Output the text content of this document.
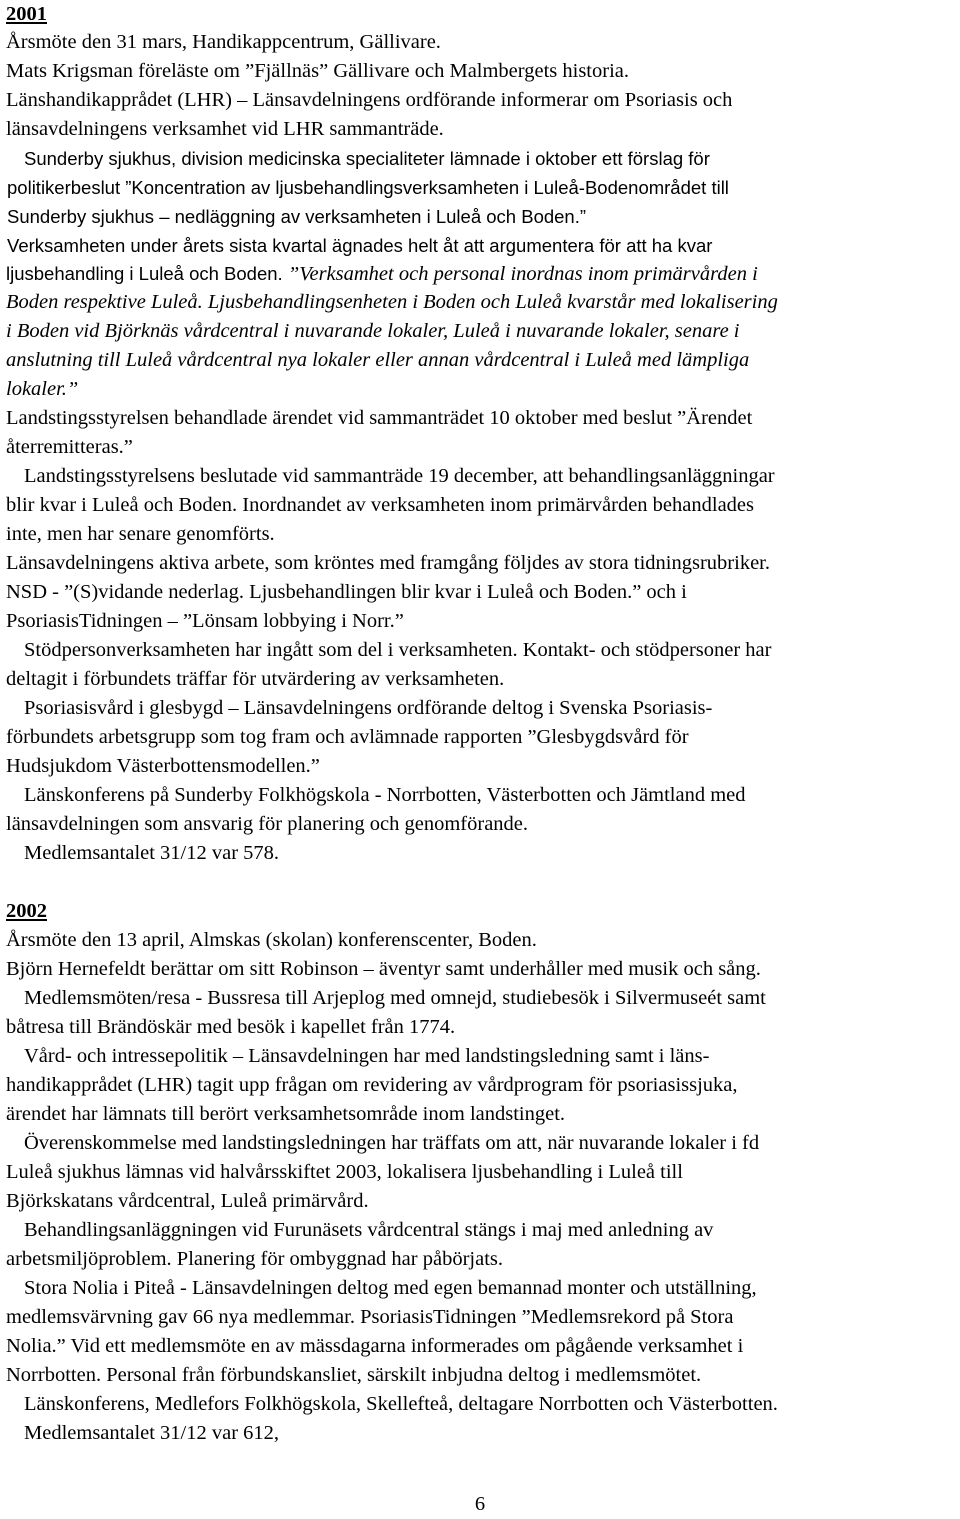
2001
Årsmöte den 31 mars, Handikappcentrum, Gällivare.
Mats Krigsman föreläste om ”Fjällnäs” Gällivare och Malmbergets historia.
Länshandikapprådet (LHR) – Länsavdelningens ordförande informerar om Psoriasis och
länsavdelningens verksamhet vid LHR sammanträde.
Sunderby sjukhus, division medicinska specialiteter lämnade i oktober ett förslag för
politikerbeslut ”Koncentration av ljusbehandlingsverksamheten i Luleå-Bodenområdet till
Sunderby sjukhus – nedläggning av verksamheten i Luleå och Boden.”
Verksamheten under årets sista kvartal ägnades helt åt att argumentera för att ha kvar
ljusbehandling i Luleå och Boden. ”Verksamhet och personal inordnas inom primärvården i
Boden respektive Luleå. Ljusbehandlingsenheten i Boden och Luleå kvarstår med lokalisering
i Boden vid Björknäs vårdcentral i nuvarande lokaler, Luleå i nuvarande lokaler, senare i
anslutning till Luleå vårdcentral nya lokaler eller annan vårdcentral i Luleå med lämpliga
lokaler.”
Landstingsstyrelsen behandlade ärendet vid sammanträdet 10 oktober med beslut ”Ärendet
återremitteras.”
Landstingsstyrelsens beslutade vid sammanträde 19 december, att behandlingsanläggningar
blir kvar i Luleå och Boden. Inordnandet av verksamheten inom primärvården behandlades
inte, men har senare genomförts.
Länsavdelningens aktiva arbete, som kröntes med framgång följdes av stora tidningsrubriker.
NSD - ”(S)vidande nederlag. Ljusbehandlingen blir kvar i Luleå och Boden.” och i
PsoriasisTidningen – ”Lönsam lobbying i Norr.”
Stödpersonverksamheten har ingått som del i verksamheten. Kontakt- och stödpersoner har
deltagit i förbundets träffar för utvärdering av verksamheten.
Psoriasisvård i glesbygd – Länsavdelningens ordförande deltog i Svenska Psoriasis-
förbundets arbetsgrupp som tog fram och avlämnade rapporten ”Glesbygdsvård för
Hudsjukdom Västerbottensmodellen.”
Länskonferens på Sunderby Folkhögskola - Norrbotten, Västerbotten och Jämtland med
länsavdelningen som ansvarig för planering och genomförande.
Medlemsantalet 31/12 var 578.
2002
Årsmöte den 13 april, Almskas (skolan) konferenscenter, Boden.
Björn Hernefeldt berättar om sitt Robinson – äventyr samt underhåller med musik och sång.
Medlemsmöten/resa - Bussresa till Arjeplog med omnejd, studiebesök i Silvermuseét samt
båtresa till Brändöskär med besök i kapellet från 1774.
Vård- och intressepolitik – Länsavdelningen har med landstingsledning samt i läns-
handikapprådet (LHR) tagit upp frågan om revidering av vårdprogram för psoriasissjuka,
ärendet har lämnats till berört verksamhetsområde inom landstinget.
Överenskommelse med landstingsledningen har träffats om att, när nuvarande lokaler i fd
Luleå sjukhus lämnas vid halvårsskiftet 2003, lokalisera ljusbehandling i Luleå till
Björkskatans vårdcentral, Luleå primärvård.
Behandlingsanläggningen vid Furunäsets vårdcentral stängs i maj med anledning av
arbetsmiljöproblem. Planering för ombyggnad har påbörjats.
Stora Nolia i Piteå - Länsavdelningen deltog med egen bemannad monter och utställning,
medlemsvärvning gav 66 nya medlemmar. PsoriasisTidningen ”Medlemsrekord på Stora
Nolia.” Vid ett medlemsmöte en av mässdagarna informerades om pågående verksamhet i
Norrbotten. Personal från förbundskansliet, särskilt inbjudna deltog i medlemsmötet.
Länskonferens, Medlefors Folkhögskola, Skellefteå, deltagare Norrbotten och Västerbotten.
Medlemsantalet 31/12 var 612,
6
